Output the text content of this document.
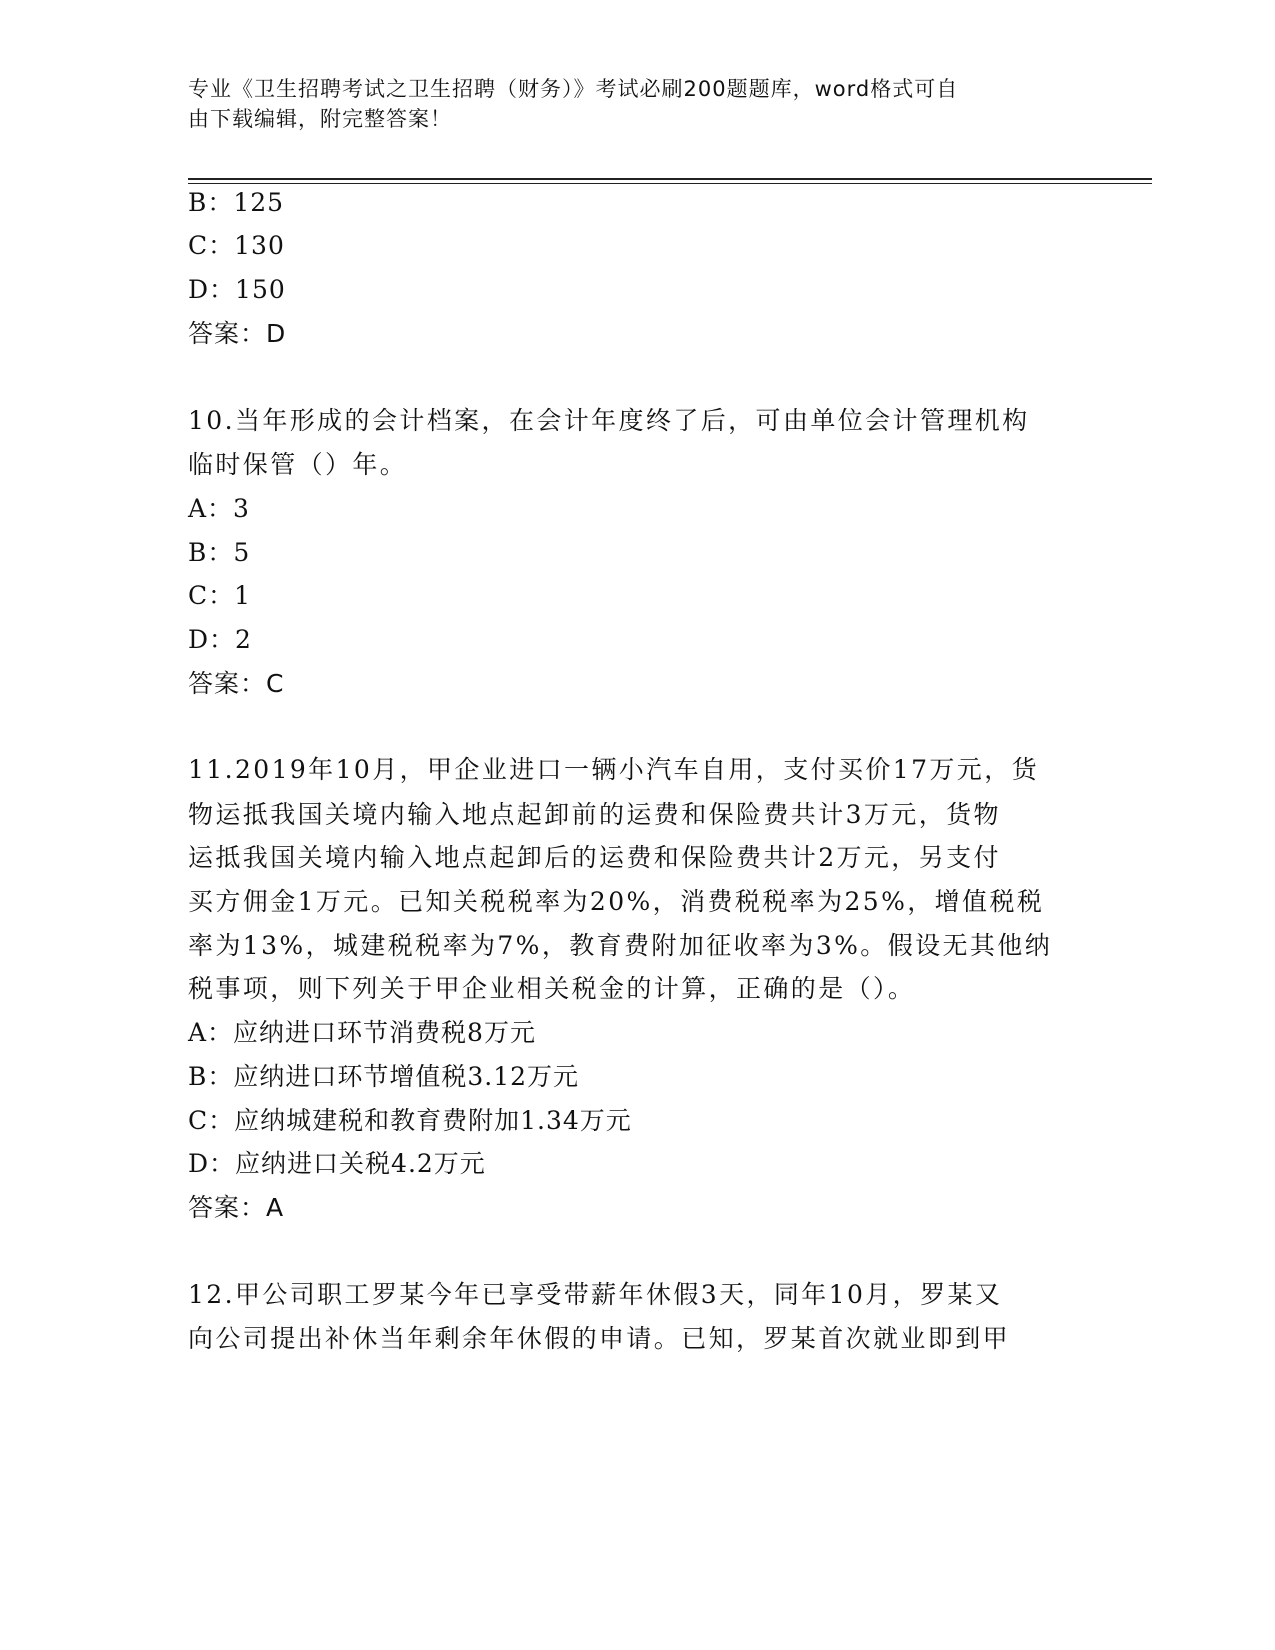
专业《卫生招聘考试之卫生招聘（财务）》考试必刷200题题库，word格式可自
由下载编辑，附完整答案！
B：125
C：130
D：150
答案：D
10.当年形成的会计档案，在会计年度终了后，可由单位会计管理机构
临时保管（）年。
A：3
B：5
C：1
D：2
答案：C
11.2019年10月，甲企业进口一辆小汽车自用，支付买价17万元，货
物运抵我国关境内输入地点起卸前的运费和保险费共计3万元，货物
运抵我国关境内输入地点起卸后的运费和保险费共计2万元，另支付
买方佣金1万元。已知关税税率为20%，消费税税率为25%，增值税税
率为13%，城建税税率为7%，教育费附加征收率为3%。假设无其他纳
税事项，则下列关于甲企业相关税金的计算，正确的是（）。
A：应纳进口环节消费税8万元
B：应纳进口环节增值税3.12万元
C：应纳城建税和教育费附加1.34万元
D：应纳进口关税4.2万元
答案：A
12.甲公司职工罗某今年已享受带薪年休假3天，同年10月，罗某又
向公司提出补休当年剩余年休假的申请。已知，罗某首次就业即到甲
